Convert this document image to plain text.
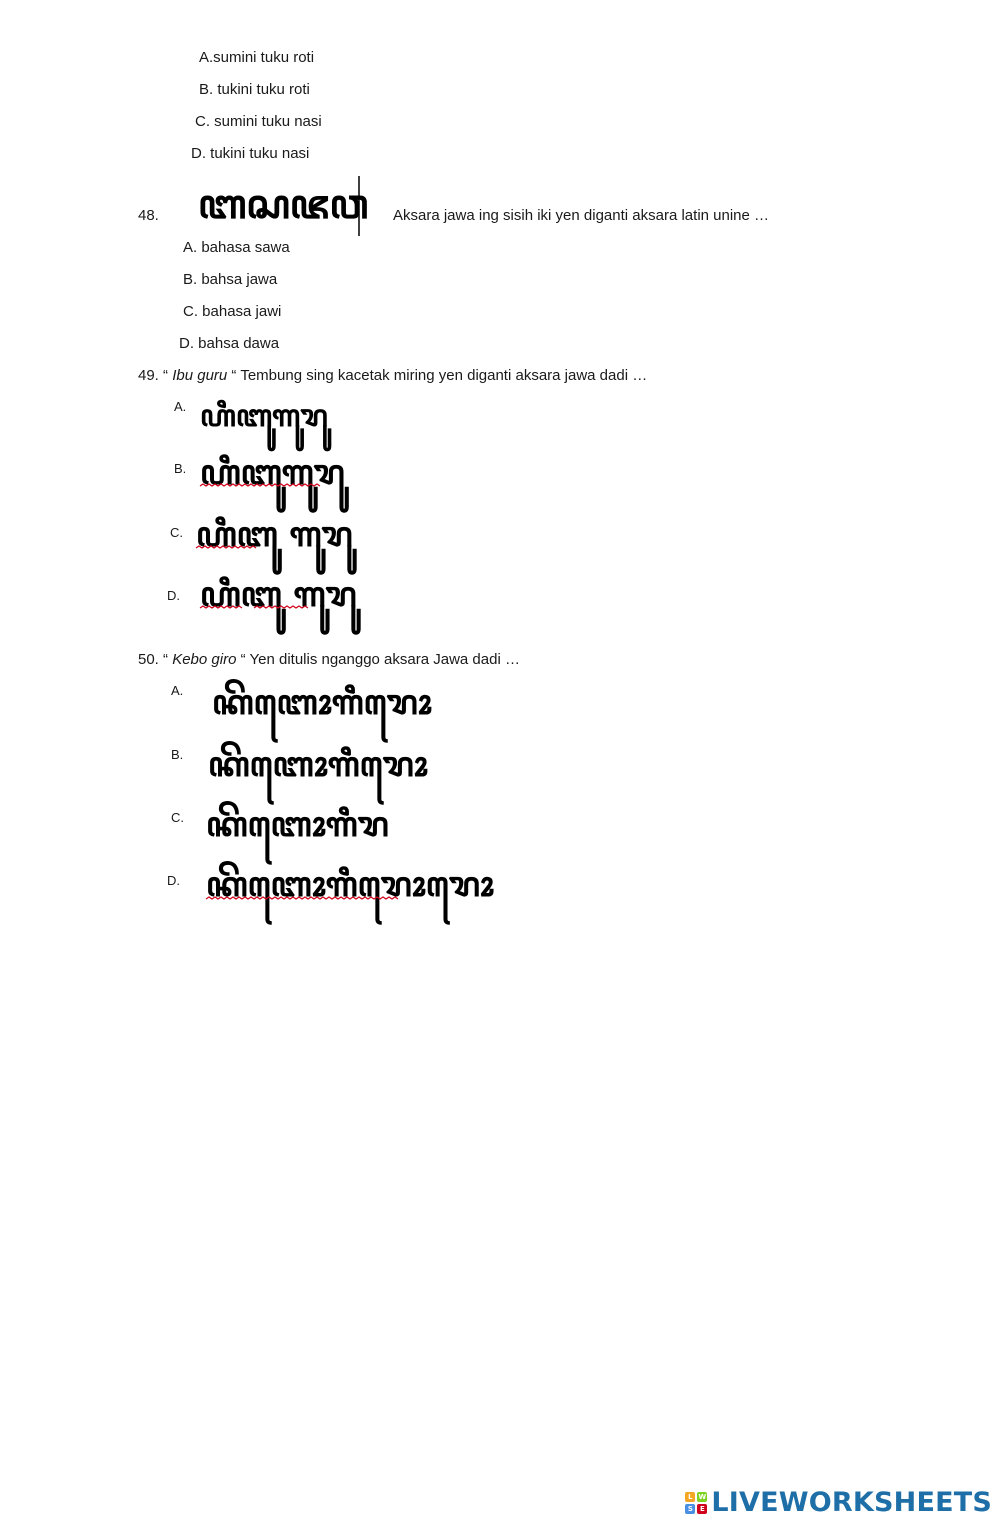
A.sumini tuku roti
B. tukini tuku roti
C. sumini tuku nasi
D. tukini tuku nasi
48. ꦧꦱꦗꦮ Aksara jawa ing sisih iki yen diganti aksara latin unine …
A. bahasa sawa
B. bahsa jawa
C. bahasa jawi
D. bahsa dawa
49. “ Ibu guru “ Tembung sing kacetak miring yen diganti aksara jawa dadi …
A. ꦲꦶꦧꦸꦒꦸꦫꦸ
B. ꦲꦶꦧꦸꦒꦸꦫꦸ
C. ꦲꦶꦧꦸ ꦒꦸꦫꦸ
D. ꦲꦶꦧꦸ ꦒꦸꦫꦸ
50. “ Kebo giro “ Yen ditulis nganggo aksara Jawa dadi …
A. ꦏꦼꦧꦺꦴꦒꦶꦫꦺꦴ
B. ꦏꦼꦧꦺꦴꦒꦶꦫꦺꦴ
C. ꦏꦼꦧꦺꦴꦒꦶꦫ
D. ꦏꦼꦧꦺꦴꦒꦶꦫꦺꦴꦫꦺꦴ
L W
S	E LIVEWORKSHEETS
